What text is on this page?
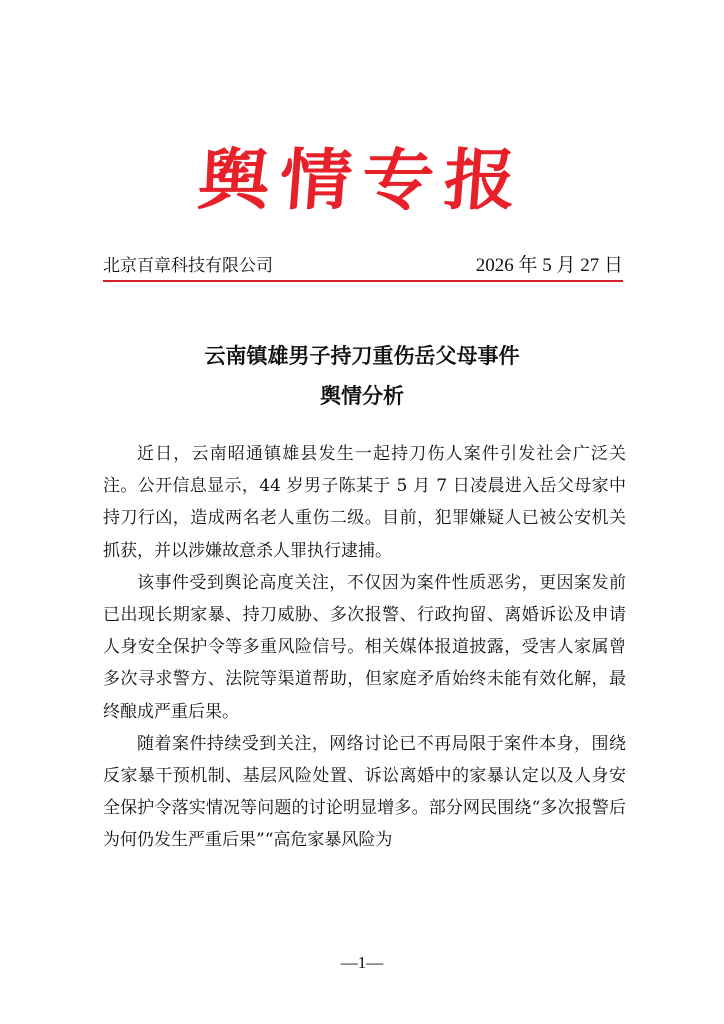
舆情专报
北京百章科技有限公司	2026 年 5 月 27 日
云南镇雄男子持刀重伤岳父母事件
舆情分析

近日，云南昭通镇雄县发生一起持刀伤人案件引发社会广泛关注。公开信息显示，44 岁男子陈某于 5 月 7 日凌晨进入岳父母家中持刀行凶，造成两名老人重伤二级。目前，犯罪嫌疑人已被公安机关抓获，并以涉嫌故意杀人罪执行逮捕。

该事件受到舆论高度关注，不仅因为案件性质恶劣，更因案发前已出现长期家暴、持刀威胁、多次报警、行政拘留、离婚诉讼及申请人身安全保护令等多重风险信号。相关媒体报道披露，受害人家属曾多次寻求警方、法院等渠道帮助，但家庭矛盾始终未能有效化解，最终酿成严重后果。

随着案件持续受到关注，网络讨论已不再局限于案件本身，围绕反家暴干预机制、基层风险处置、诉讼离婚中的家暴认定以及人身安全保护令落实情况等问题的讨论明显增多。部分网民围绕“多次报警后为何仍发生严重后果”“高危家暴风险为

—1—
